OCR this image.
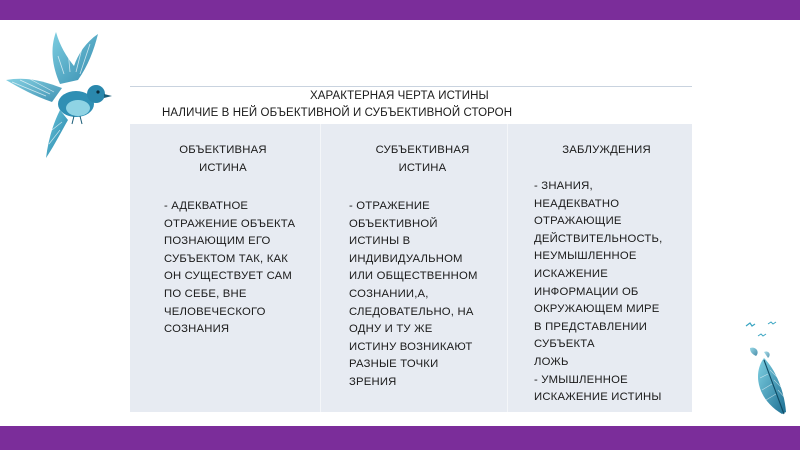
ХАРАКТЕРНАЯ ЧЕРТА ИСТИНЫ
НАЛИЧИЕ В НЕЙ ОБЪЕКТИВНОЙ И СУБЪЕКТИВНОЙ СТОРОН
ОБЪЕКТИВНАЯ
ИСТИНА
- АДЕКВАТНОЕ
ОТРАЖЕНИЕ ОБЪЕКТА
ПОЗНАЮЩИМ ЕГО
СУБЪЕКТОМ ТАК, КАК
ОН СУЩЕСТВУЕТ САМ
ПО СЕБЕ, ВНЕ
ЧЕЛОВЕЧЕСКОГО
СОЗНАНИЯ
СУБЪЕКТИВНАЯ
ИСТИНА
- ОТРАЖЕНИЕ
ОБЪЕКТИВНОЙ
ИСТИНЫ В
ИНДИВИДУАЛЬНОМ
ИЛИ ОБЩЕСТВЕННОМ
СОЗНАНИИ,А,
СЛЕДОВАТЕЛЬНО, НА
ОДНУ И ТУ ЖЕ
ИСТИНУ ВОЗНИКАЮТ
РАЗНЫЕ ТОЧКИ
ЗРЕНИЯ
ЗАБЛУЖДЕНИЯ
- ЗНАНИЯ,
НЕАДЕКВАТНО
ОТРАЖАЮЩИЕ
ДЕЙСТВИТЕЛЬНОСТЬ,
НЕУМЫШЛЕННОЕ
ИСКАЖЕНИЕ
ИНФОРМАЦИИ ОБ
ОКРУЖАЮЩЕМ МИРЕ
В ПРЕДСТАВЛЕНИИ
СУБЪЕКТА
ЛОЖЬ
- УМЫШЛЕННОЕ
ИСКАЖЕНИЕ ИСТИНЫ
